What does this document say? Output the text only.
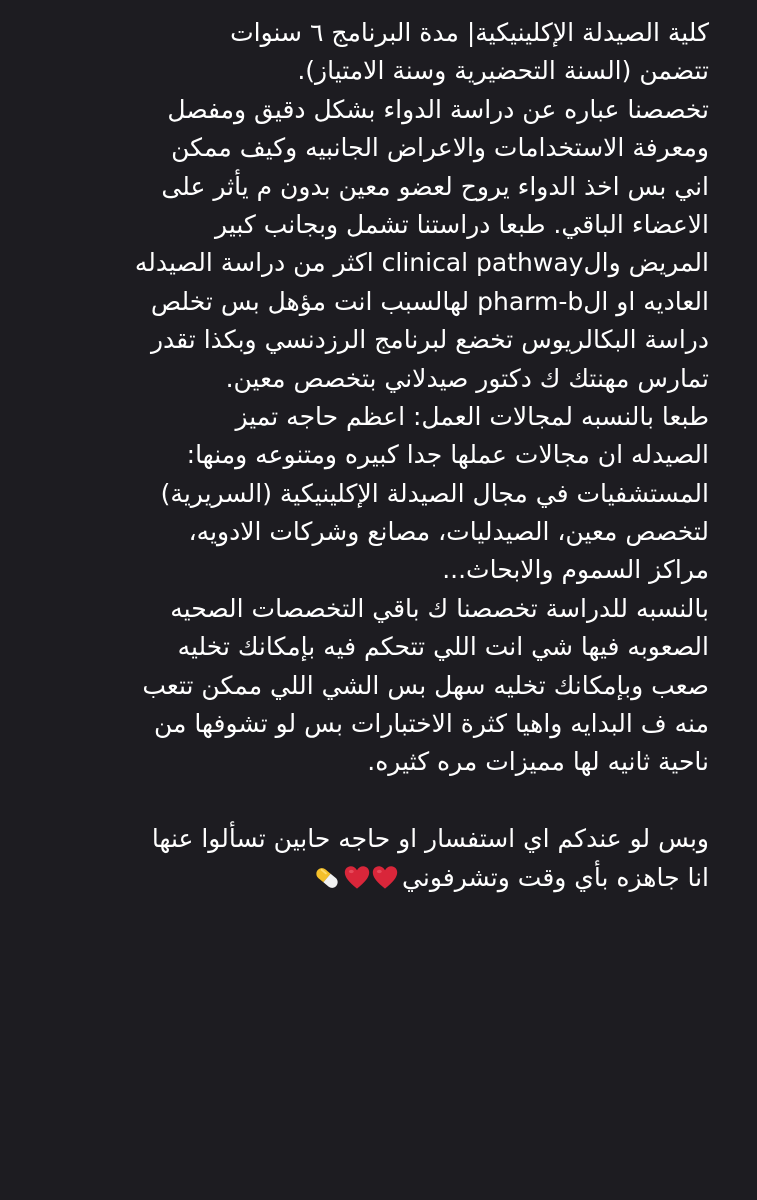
كلية الصيدلة الإكلينيكية| مدة البرنامج ٦ سنوات
تتضمن (السنة التحضيرية وسنة الامتياز).
تخصصنا عباره عن دراسة الدواء بشكل دقيق ومفصل
ومعرفة الاستخدامات والاعراض الجانبيه وكيف ممكن
اني بس اخذ الدواء يروح لعضو معين بدون م يأثر على
الاعضاء الباقي. طبعا دراستنا تشمل وبجانب كبير
المريض والclinical pathway اكثر من دراسة الصيدله
العاديه او الpharm-b لهالسبب انت مؤهل بس تخلص
دراسة البكالريوس تخضع لبرنامج الرزدنسي وبكذا تقدر
تمارس مهنتك ك دكتور صيدلاني بتخصص معين.
طبعا بالنسبه لمجالات العمل: اعظم حاجه تميز
الصيدله ان مجالات عملها جدا كبيره ومتنوعه ومنها:
المستشفيات في مجال الصيدلة الإكلينيكية (السريرية)
لتخصص معين، الصيدليات، مصانع وشركات الادويه،
مراكز السموم والابحاث...
بالنسبه للدراسة تخصصنا ك باقي التخصصات الصحيه
الصعوبه فيها شي انت اللي تتحكم فيه بإمكانك تخليه
صعب وبإمكانك تخليه سهل بس الشي اللي ممكن تتعب
منه ف البدايه واهيا كثرة الاختبارات بس لو تشوفها من
ناحية ثانيه لها مميزات مره كثيره.
وبس لو عندكم اي استفسار او حاجه حابين تسألوا عنها
انا جاهزه بأي وقت وتشرفوني
